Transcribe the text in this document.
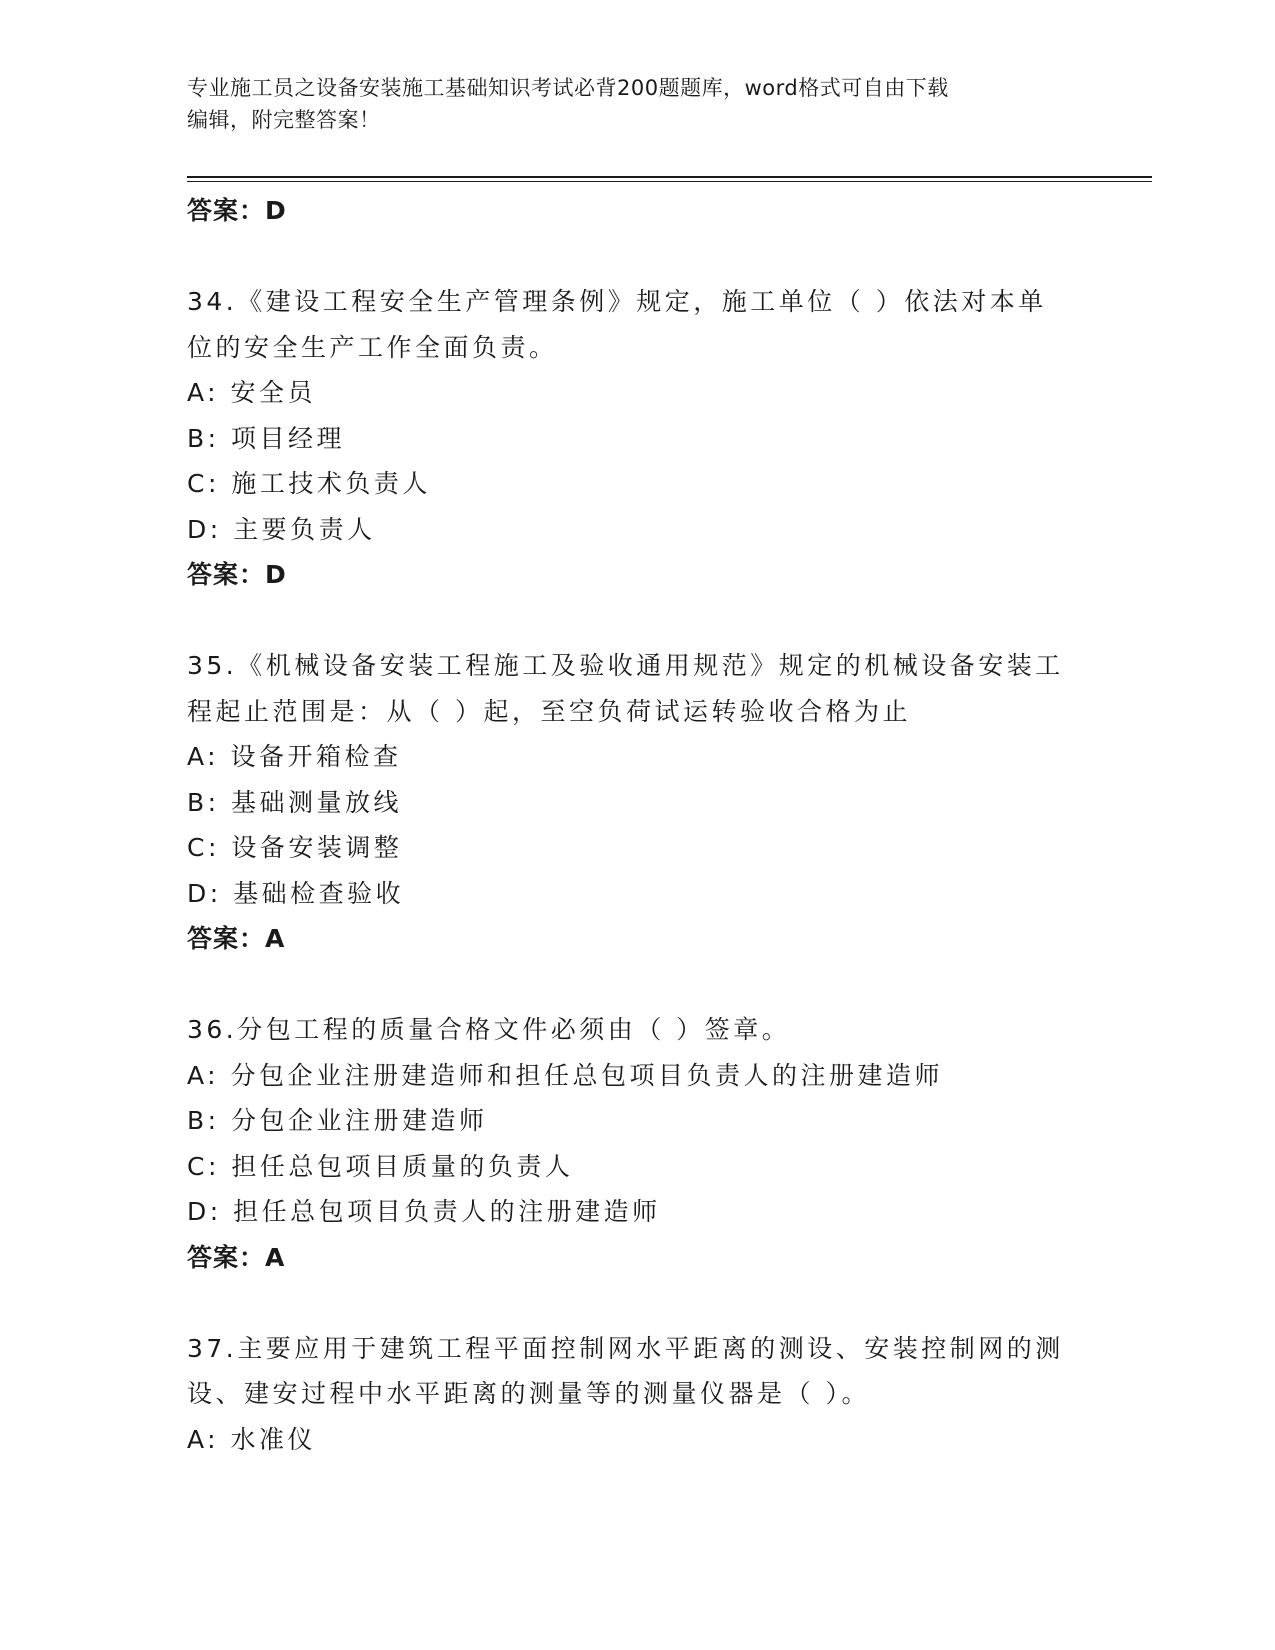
专业施工员之设备安装施工基础知识考试必背200题题库，word格式可自由下载
编辑，附完整答案！
答案：D
34.《建设工程安全生产管理条例》规定，施工单位（ ）依法对本单
位的安全生产工作全面负责。
A: 安全员
B: 项目经理
C: 施工技术负责人
D: 主要负责人
答案：D
35.《机械设备安装工程施工及验收通用规范》规定的机械设备安装工
程起止范围是：从（ ）起，至空负荷试运转验收合格为止
A: 设备开箱检查
B: 基础测量放线
C: 设备安装调整
D: 基础检查验收
答案：A
36.分包工程的质量合格文件必须由（ ）签章。
A: 分包企业注册建造师和担任总包项目负责人的注册建造师
B: 分包企业注册建造师
C: 担任总包项目质量的负责人
D: 担任总包项目负责人的注册建造师
答案：A
37.主要应用于建筑工程平面控制网水平距离的测设、安装控制网的测
设、建安过程中水平距离的测量等的测量仪器是（ ）。
A: 水准仪
